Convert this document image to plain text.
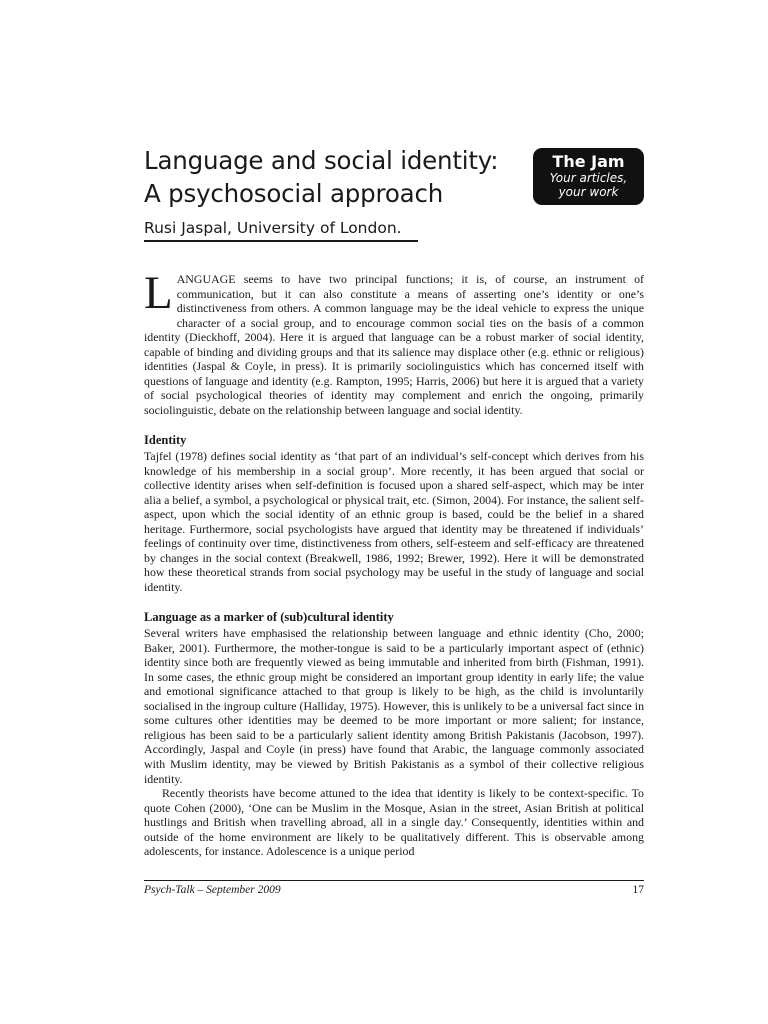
Language and social identity:
A psychosocial approach
Rusi Jaspal, University of London.
The Jam
Your articles,
your work

LANGUAGE seems to have two principal functions; it is, of course, an instrument of communication, but it can also constitute a means of asserting one’s identity or one’s distinctiveness from others. A common language may be the ideal vehicle to express the unique character of a social group, and to encourage common social ties on the basis of a common identity (Dieckhoff, 2004). Here it is argued that language can be a robust marker of social identity, capable of binding and dividing groups and that its salience may displace other (e.g. ethnic or religious) identities (Jaspal & Coyle, in press). It is primarily sociolinguistics which has concerned itself with questions of language and identity (e.g. Rampton, 1995; Harris, 2006) but here it is argued that a variety of social psychological theories of identity may complement and enrich the ongoing, primarily sociolinguistic, debate on the relationship between language and social identity.

Identity

Tajfel (1978) defines social identity as ‘that part of an individual’s self-concept which derives from his knowledge of his membership in a social group’. More recently, it has been argued that social or collective identity arises when self-definition is focused upon a shared self-aspect, which may be inter alia a belief, a symbol, a psychological or physical trait, etc. (Simon, 2004). For instance, the salient self-aspect, upon which the social identity of an ethnic group is based, could be the belief in a shared heritage. Furthermore, social psychologists have argued that identity may be threatened if individuals’ feelings of continuity over time, distinctiveness from others, self-esteem and self-efficacy are threatened by changes in the social context (Breakwell, 1986, 1992; Brewer, 1992). Here it will be demonstrated how these theoretical strands from social psychology may be useful in the study of language and social identity.

Language as a marker of (sub)cultural identity

Several writers have emphasised the relationship between language and ethnic identity (Cho, 2000; Baker, 2001). Furthermore, the mother-tongue is said to be a particularly important aspect of (ethnic) identity since both are frequently viewed as being immutable and inherited from birth (Fishman, 1991). In some cases, the ethnic group might be considered an important group identity in early life; the value and emotional significance attached to that group is likely to be high, as the child is involuntarily socialised in the ingroup culture (Halliday, 1975). However, this is unlikely to be a universal fact since in some cultures other identities may be deemed to be more important or more salient; for instance, religious has been said to be a particularly salient identity among British Pakistanis (Jacobson, 1997). Accordingly, Jaspal and Coyle (in press) have found that Arabic, the language commonly associated with Muslim identity, may be viewed by British Pakistanis as a symbol of their collective religious identity.

Recently theorists have become attuned to the idea that identity is likely to be context-specific. To quote Cohen (2000), ‘One can be Muslim in the Mosque, Asian in the street, Asian British at political hustlings and British when travelling abroad, all in a single day.’ Consequently, identities within and outside of the home environment are likely to be qualitatively different. This is observable among adolescents, for instance. Adolescence is a unique period

Psych-Talk – September 2009	17
